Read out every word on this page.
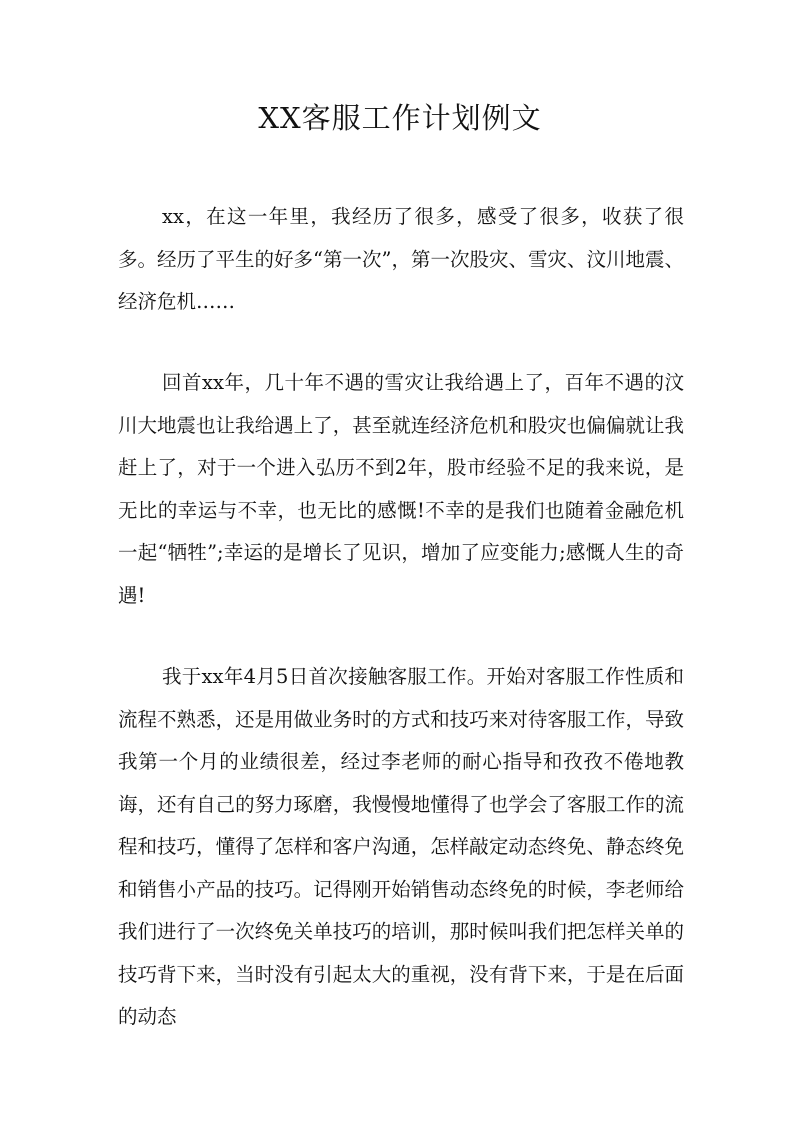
XX客服工作计划例文

xx，在这一年里，我经历了很多，感受了很多，收获了很多。经历了平生的好多“第一次”，第一次股灾、雪灾、汶川地震、经济危机……

回首xx年，几十年不遇的雪灾让我给遇上了，百年不遇的汶川大地震也让我给遇上了，甚至就连经济危机和股灾也偏偏就让我赶上了，对于一个进入弘历不到2年，股市经验不足的我来说，是无比的幸运与不幸，也无比的感慨!不幸的是我们也随着金融危机一起“牺牲”;幸运的是增长了见识，增加了应变能力;感慨人生的奇遇!

我于xx年4月5日首次接触客服工作。开始对客服工作性质和流程不熟悉，还是用做业务时的方式和技巧来对待客服工作，导致我第一个月的业绩很差，经过李老师的耐心指导和孜孜不倦地教诲，还有自己的努力琢磨，我慢慢地懂得了也学会了客服工作的流程和技巧，懂得了怎样和客户沟通，怎样敲定动态终免、静态终免和销售小产品的技巧。记得刚开始销售动态终免的时候，李老师给我们进行了一次终免关单技巧的培训，那时候叫我们把怎样关单的技巧背下来，当时没有引起太大的重视，没有背下来，于是在后面的动态
